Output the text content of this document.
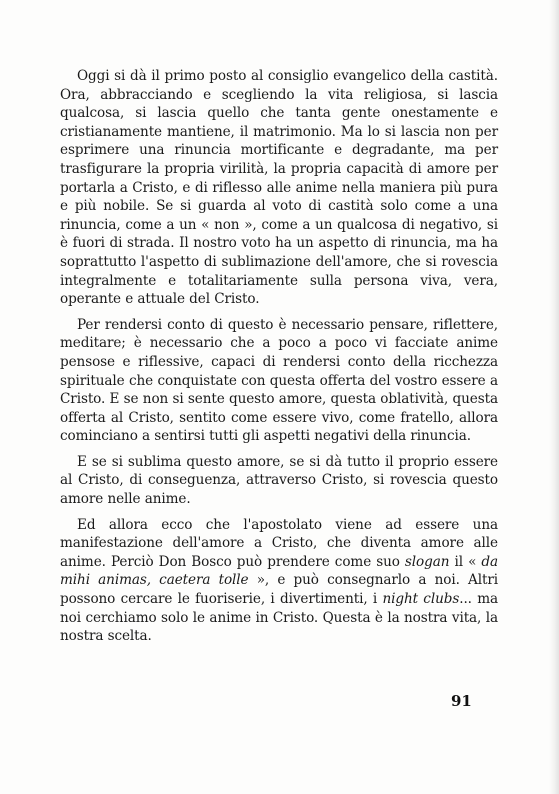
Oggi si dà il primo posto al consiglio evangelico della castità. Ora, abbracciando e scegliendo la vita religiosa, si lascia qualcosa, si lascia quello che tanta gente onestamente e cristianamente mantiene, il matrimonio. Ma lo si lascia non per esprimere una rinuncia mortificante e degradante, ma per trasfigurare la propria virilità, la propria capacità di amore per portarla a Cristo, e di riflesso alle anime nella maniera più pura e più nobile. Se si guarda al voto di castità solo come a una rinuncia, come a un « non », come a un qualcosa di negativo, si è fuori di strada. Il nostro voto ha un aspetto di rinuncia, ma ha soprattutto l'aspetto di sublimazione dell'amore, che si rovescia integralmente e totalitariamente sulla persona viva, vera, operante e attuale del Cristo.

Per rendersi conto di questo è necessario pensare, riflettere, meditare; è necessario che a poco a poco vi facciate anime pensose e riflessive, capaci di rendersi conto della ricchezza spirituale che conquistate con questa offerta del vostro essere a Cristo. E se non si sente questo amore, questa oblatività, questa offerta al Cristo, sentito come essere vivo, come fratello, allora cominciano a sentirsi tutti gli aspetti negativi della rinuncia.

E se si sublima questo amore, se si dà tutto il proprio essere al Cristo, di conseguenza, attraverso Cristo, si rovescia questo amore nelle anime.

Ed allora ecco che l'apostolato viene ad essere una manifestazione dell'amore a Cristo, che diventa amore alle anime. Perciò Don Bosco può prendere come suo slogan il « da mihi animas, caetera tolle », e può consegnarlo a noi. Altri possono cercare le fuoriserie, i divertimenti, i night clubs... ma noi cerchiamo solo le anime in Cristo. Questa è la nostra vita, la nostra scelta.

91
